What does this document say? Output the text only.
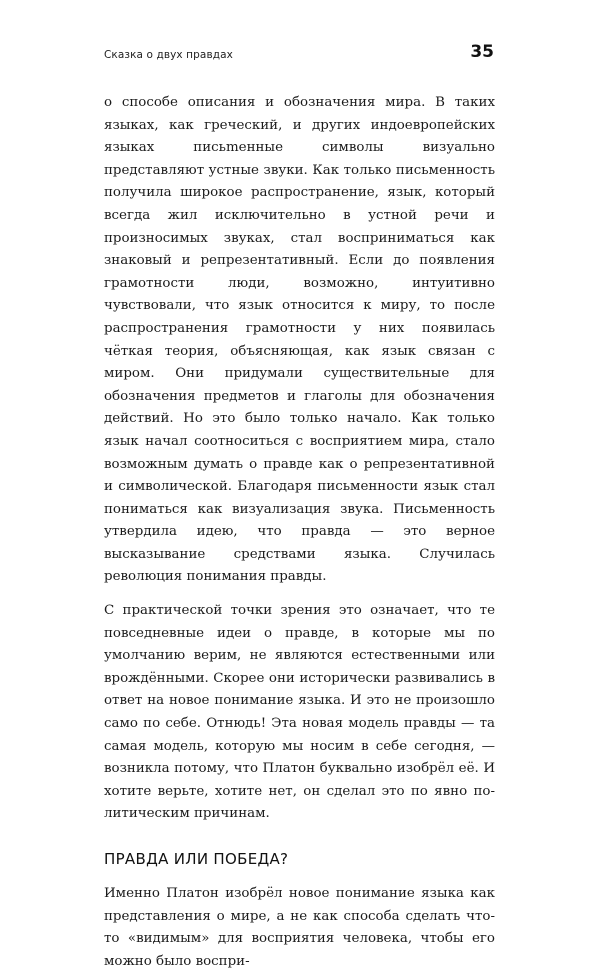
Сказка о двух правдах	35

о способе описания и обозначения мира. В таких языках, как греческий, и других индоевропейских языках письmенные символы визуально представляют устные звуки. Как только письменность получила широкое распространение, язык, который всегда жил исключительно в устной речи и произносимых звуках, стал восприниматься как знаковый и репрезентативный. Если до появления грамотности люди, возможно, интуитивно чувствовали, что язык относится к миру, то после распространения грамотности у них появилась чёткая теория, объясняющая, как язык связан с миром. Они придумали существительные для обозначения предметов и глаголы для обозначения действий. Но это было только начало. Как только язык начал соотноситься с восприятием мира, стало возможным думать о правде как о репрезентативной и символической. Благодаря письменности язык стал пониматься как визуализация звука. Письменность утвердила идею, что правда — это верное высказывание средствами языка. Случилась революция понимания правды.

С практической точки зрения это означает, что те повседневные идеи о правде, в которые мы по умолчанию верим, не являются естественными или врождёнными. Скорее они исторически развивались в ответ на новое понимание языка. И это не произошло само по себе. Отнюдь! Эта новая модель правды — та самая модель, которую мы носим в себе сегодня, — возникла потому, что Платон буквально изобрёл её. И хотите верьте, хотите нет, он сделал это по явно политическим причинам.

ПРАВДА ИЛИ ПОБЕДА?

Именно Платон изобрёл новое понимание языка как представления о мире, а не как способа сделать что-то «видимым» для восприятия человека, чтобы его можно было воспри-
